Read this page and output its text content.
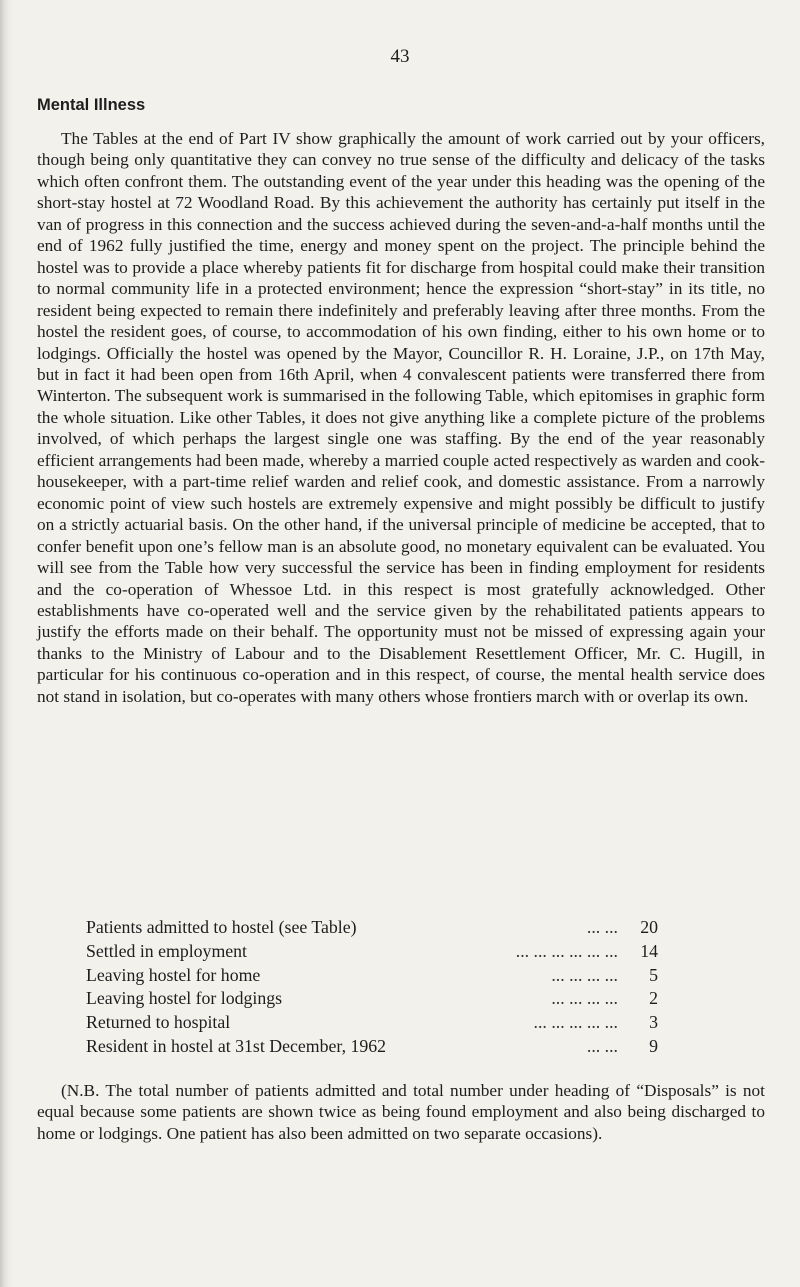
43
Mental Illness

The Tables at the end of Part IV show graphically the amount of work carried out by your officers, though being only quantitative they can convey no true sense of the difficulty and delicacy of the tasks which often confront them. The outstanding event of the year under this heading was the opening of the short-stay hostel at 72 Woodland Road. By this achievement the authority has certainly put itself in the van of progress in this connection and the success achieved during the seven-and-a-half months until the end of 1962 fully justified the time, energy and money spent on the project. The principle behind the hostel was to provide a place whereby patients fit for discharge from hospital could make their transition to normal community life in a protected environment; hence the expression “short-stay” in its title, no resident being expected to remain there indefinitely and preferably leaving after three months. From the hostel the resident goes, of course, to accommodation of his own finding, either to his own home or to lodgings. Officially the hostel was opened by the Mayor, Councillor R. H. Loraine, J.P., on 17th May, but in fact it had been open from 16th April, when 4 convalescent patients were transferred there from Winterton. The subsequent work is summarised in the following Table, which epitomises in graphic form the whole situation. Like other Tables, it does not give anything like a complete picture of the problems involved, of which perhaps the largest single one was staffing. By the end of the year reasonably efficient arrangements had been made, whereby a married couple acted respectively as warden and cook-housekeeper, with a part-time relief warden and relief cook, and domestic assistance. From a narrowly economic point of view such hostels are extremely expensive and might possibly be difficult to justify on a strictly actuarial basis. On the other hand, if the universal principle of medicine be accepted, that to confer benefit upon one’s fellow man is an absolute good, no monetary equivalent can be evaluated. You will see from the Table how very successful the service has been in finding employment for residents and the co-operation of Whessoe Ltd. in this respect is most gratefully acknowledged. Other establishments have co-operated well and the service given by the rehabilitated patients appears to justify the efforts made on their behalf. The opportunity must not be missed of expressing again your thanks to the Ministry of Labour and to the Disablement Resettlement Officer, Mr. C. Hugill, in particular for his continuous co-operation and in this respect, of course, the mental health service does not stand in isolation, but co-operates with many others whose frontiers march with or overlap its own.

Patients admitted to hostel (see Table)	... ...	20
Settled in employment	... ... ... ... ... ...	14
Leaving hostel for home	... ... ... ...	5
Leaving hostel for lodgings	... ... ... ...	2
Returned to hospital	... ... ... ... ...	3
Resident in hostel at 31st December, 1962	... ...	9

(N.B. The total number of patients admitted and total number under heading of “Disposals” is not equal because some patients are shown twice as being found employment and also being discharged to home or lodgings. One patient has also been admitted on two separate occasions).
